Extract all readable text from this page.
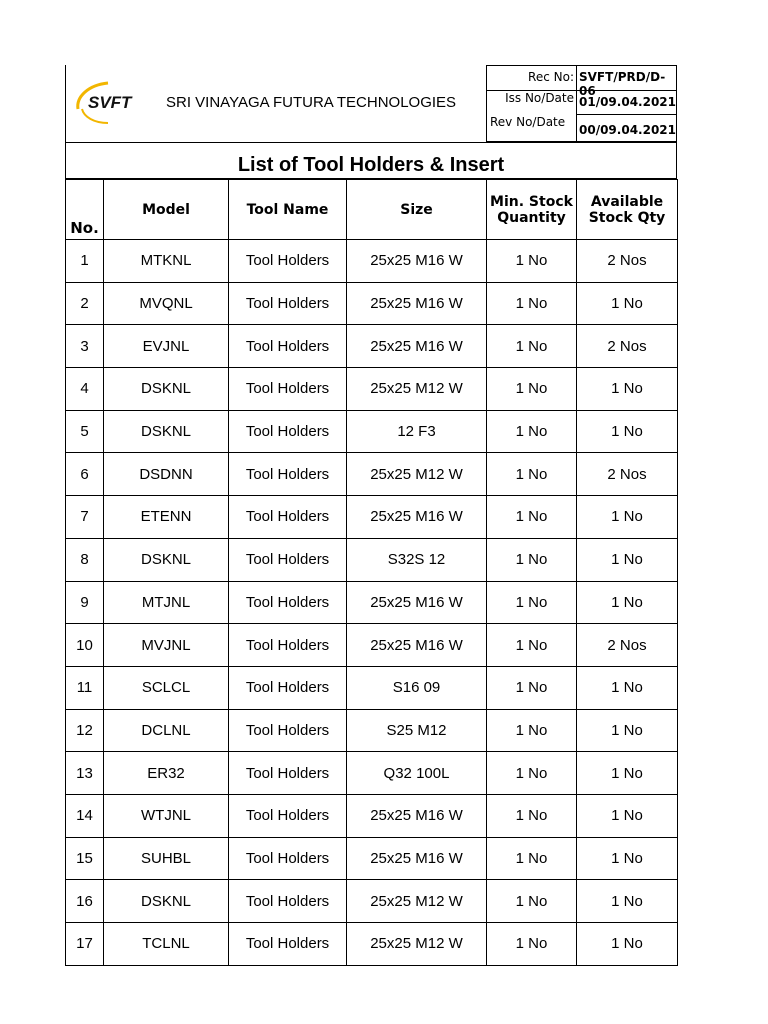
SVFT SRI VINAYAGA FUTURA TECHNOLOGIES
Rec No: SVFT/PRD/D-06
Iss No/Date 01/09.04.2021
Rev No/Date
00/09.04.2021
List of Tool Holders & Insert
No.	Model	Tool Name	Size	Min. Stock Quantity	Available Stock Qty
1	MTKNL	Tool Holders	25x25 M16 W	1 No	2 Nos
2	MVQNL	Tool Holders	25x25 M16 W	1 No	1 No
3	EVJNL	Tool Holders	25x25 M16 W	1 No	2 Nos
4	DSKNL	Tool Holders	25x25 M12 W	1 No	1 No
5	DSKNL	Tool Holders	12 F3	1 No	1 No
6	DSDNN	Tool Holders	25x25 M12 W	1 No	2 Nos
7	ETENN	Tool Holders	25x25 M16 W	1 No	1 No
8	DSKNL	Tool Holders	S32S 12	1 No	1 No
9	MTJNL	Tool Holders	25x25 M16 W	1 No	1 No
10	MVJNL	Tool Holders	25x25 M16 W	1 No	2 Nos
11	SCLCL	Tool Holders	S16 09	1 No	1 No
12	DCLNL	Tool Holders	S25 M12	1 No	1 No
13	ER32	Tool Holders	Q32 100L	1 No	1 No
14	WTJNL	Tool Holders	25x25 M16 W	1 No	1 No
15	SUHBL	Tool Holders	25x25 M16 W	1 No	1 No
16	DSKNL	Tool Holders	25x25 M12 W	1 No	1 No
17	TCLNL	Tool Holders	25x25 M12 W	1 No	1 No
